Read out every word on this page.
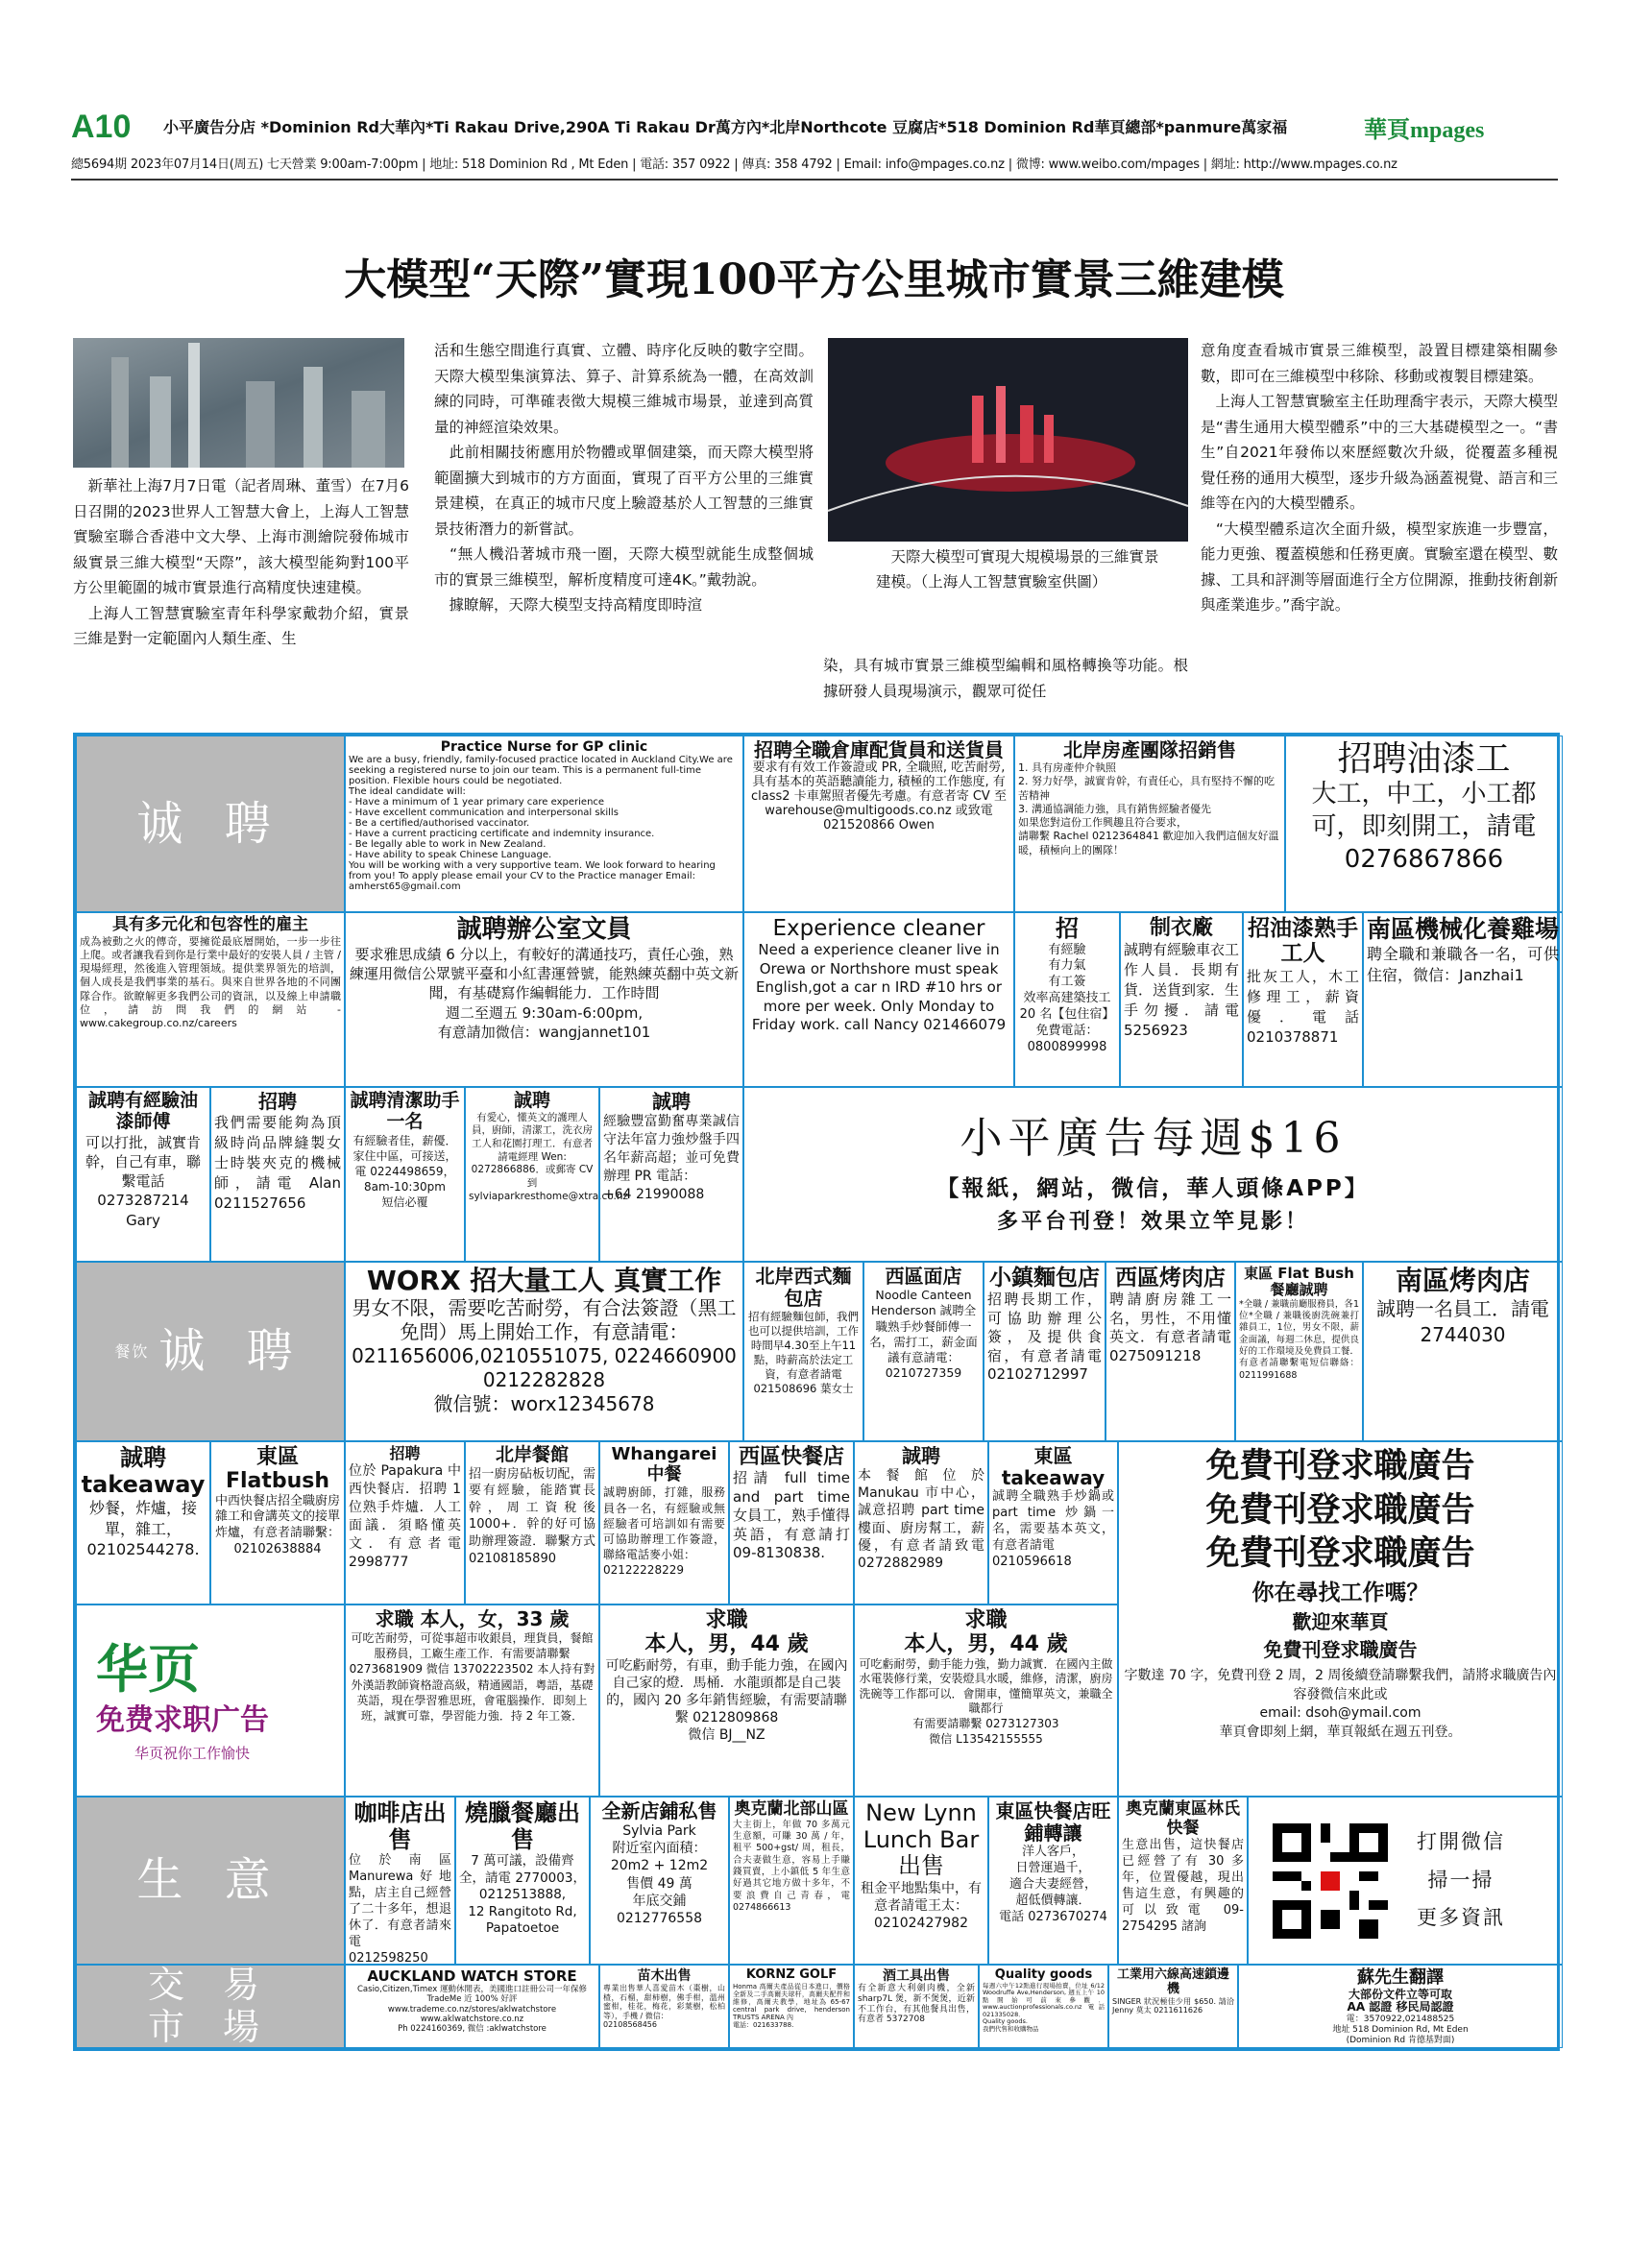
A10 小平廣告分店 *Dominion Rd大華內*Ti Rakau Drive,290A Ti Rakau Dr萬方內*北岸Northcote 豆腐店*518 Dominion Rd華頁總部*panmure萬家福	華頁mpages
總5694期 2023年07月14日(周五) 七天營業 9:00am-7:00pm | 地址: 518 Dominion Rd , Mt Eden | 電話: 357 0922 | 傳真: 358 4792 | Email: info@mpages.co.nz | 微博: www.weibo.com/mpages | 網址: http://www.mpages.co.nz
大模型“天際”實現100平方公里城市實景三維建模
　新華社上海7月7日電（記者周琳、董雪）在7月6日召開的2023世界人工智慧大會上，上海人工智慧實驗室聯合香港中文大學、上海市測繪院發佈城市級實景三維大模型“天際”，該大模型能夠對100平方公里範圍的城市實景進行高精度快速建模。
　上海人工智慧實驗室青年科學家戴勃介紹，實景三維是對一定範圍內人類生產、生
活和生態空間進行真實、立體、時序化反映的數字空間。天際大模型集演算法、算子、計算系統為一體，在高效訓練的同時，可準確表徵大規模三維城市場景，並達到高質量的神經渲染效果。
　此前相關技術應用於物體或單個建築，而天際大模型將範圍擴大到城市的方方面面，實現了百平方公里的三維實景建模，在真正的城市尺度上驗證基於人工智慧的三維實景技術潛力的新嘗試。
　“無人機沿著城市飛一圈，天際大模型就能生成整個城市的實景三維模型，解析度精度可達4K。”戴勃說。
　據瞭解，天際大模型支持高精度即時渲
　天際大模型可實現大規模場景的三維實景建模。（上海人工智慧實驗室供圖）
染，具有城市實景三維模型編輯和風格轉換等功能。根據研發人員現場演示，觀眾可從任
意角度查看城市實景三維模型，設置目標建築相關參數，即可在三維模型中移除、移動或複製目標建築。
　上海人工智慧實驗室主任助理喬宇表示，天際大模型是“書生通用大模型體系”中的三大基礎模型之一。“書生”自2021年發佈以來歷經數次升級，從覆蓋多種視覺任務的通用大模型，逐步升級為涵蓋視覺、語言和三維等在內的大模型體系。
　“大模型體系這次全面升級，模型家族進一步豐富，能力更強、覆蓋模態和任務更廣。實驗室還在模型、數據、工具和評測等層面進行全方位開源，推動技術創新與產業進步。”喬宇說。
诚 聘
Practice Nurse for GP clinic
We are a busy, friendly, family-focused practice located in Auckland City.We are seeking a registered nurse to join our team. This is a permanent full-time position. Flexible hours could be negotiated.
The ideal candidate will:
- Have a minimum of 1 year primary care experience
- Have excellent communication and interpersonal skills
- Be a certified/authorised vaccinator.
- Have a current practicing certificate and indemnity insurance.
- Be legally able to work in New Zealand.
- Have ability to speak Chinese Language.
You will be working with a very supportive team. We look forward to hearing from you! To apply please email your CV to the Practice manager Email: amherst65@gmail.com
招聘全職倉庫配貨員和送貨員
要求有有效工作簽證或 PR, 全職照, 吃苦耐勞, 具有基本的英語聽讀能力, 積極的工作態度, 有class2 卡車駕照者優先考慮。有意者寄 CV 至 warehouse@multigoods.co.nz 或致電 021520866 Owen
北岸房產團隊招銷售
1. 具有房產仲介執照
2. 努力好學，誠實肯幹，有責任心，具有堅持不懈的吃苦精神
3. 溝通協調能力強，具有銷售經驗者優先
如果您對這份工作興趣且符合要求，
請聯繫 Rachel 0212364841 歡迎加入我們這個友好溫暖，積極向上的團隊！
招聘油漆工
大工，中工，小工都可，即刻開工，請電 0276867866
具有多元化和包容性的雇主
成為被動之火的傳奇，要擁從最底層開始，一步一步往上爬。或者讓我看到你是行業中最好的安裝人員 / 主管 / 現場經理，然後進入管理領域。提供業界領先的培訓，個人成長是我們事業的基石。與來自世界各地的不同團隊合作。欲瞭解更多我們公司的資訊，以及線上申請職位，請訪問我們的網站 - www.cakegroup.co.nz/careers
誠聘辦公室文員
要求雅思成績 6 分以上，有較好的溝通技巧，責任心強，熟練運用微信公眾號平臺和小紅書運營號，能熟練英翻中英文新聞，有基礎寫作編輯能力．工作時間
週二至週五 9:30am-6:00pm,
有意請加微信：wangjannet101
Experience cleaner
Need a experience cleaner live in Orewa or Northshore must speak English,got a car n IRD #10 hrs or more per week. Only Monday to Friday work. call Nancy 021466079
招
有經驗
有力氣
有工簽
效率高建築技工 20 名【包住宿】免費電話：
0800899998
制衣廠
誠聘有經驗車衣工作人員．長期有貨．送貨到家．生手勿擾．請電 5256923
招油漆熟手工人
批灰工人，木工修理工，薪資優．電話 0210378871
南區機械化養雞場
聘全職和兼職各一名，可供住宿，微信：Janzhai1
誠聘有經驗油漆師傅
可以打批，誠實肯幹，自己有車，聯繫電話
0273287214
Gary
招聘
我們需要能夠為頂級時尚品牌縫製女士時裝夾克的機械師，請電 Alan 0211527656
誠聘清潔助手一名
有經驗者佳，薪優．家住中區，可接送，電 0224498659，8am-10:30pm
短信必覆
誠聘
有愛心，懂英文的護理人員，廚師，清潔工，洗衣房工人和花園打理工．有意者請電經理 Wen: 0272866886．或郵寄 CV 到
sylviaparkresthome@xtra.co.nz
誠聘
經驗豐富勤奮專業誠信守法年富力強炒盤手四名年薪高超；並可免費辦理 PR 電話：
+64 21990088
小平廣告每週$16
【報紙，網站，微信，華人頭條APP】
多平台刊登！效果立竿見影！
餐饮 诚 聘
WORX 招大量工人 真實工作
男女不限，需要吃苦耐勞，有合法簽證（黑工免問）馬上開始工作，有意請電：0211656006,0210551075, 0224660900
0212282828
微信號：worx12345678
北岸西式麵包店
招有經驗麵包師，我們也可以提供培訓，工作時間早4.30至上午11點，時薪高於法定工資，有意者請電
021508696 葉女士
西區面店
Noodle Canteen Henderson 誠聘全職熟手炒餐師傅一名，需打工，薪金面議有意請電：
0210727359
小鎮麵包店
招聘長期工作，可協助辦理公簽，及提供食宿，有意者請電 02102712997
西區烤肉店
聘請廚房雜工一名，男性，不用懂英文．有意者請電 0275091218
東區 Flat Bush 餐廳誠聘
*全職 / 兼職前廳服務員，各1位*全職 / 兼職後廚洗碗兼打雜員工，1位，男女不限，薪金面議，每週二休息，提供良好的工作環境及免費員工餐．有意者請聯繫電短信聯絡：0211991688
南區烤肉店
誠聘一名員工．請電
2744030
誠聘takeaway
炒餐，炸爐，接單，雜工，
02102544278.
東區Flatbush
中西快餐店招全職廚房雜工和會講英文的接單炸爐，有意者請聯繫：
02102638884
招聘
位於 Papakura 中西快餐店．招聘 1 位熟手炸爐．人工面議．須略懂英文．有意者電 2998777
北岸餐館
招一廚房砧板切配，需要有經驗，能踏實長幹，周工資稅後 1000+．幹的好可協助辦理簽證．聯繫方式 02108185890
Whangarei中餐
誠聘廚師，打雜，服務員各一名，有經驗或無經驗者可培訓如有需要可協助辦理工作簽證，聯絡電話麥小姐：
02122228229
西區快餐店
招請 full time and part time 女員工，熟手懂得英語，有意請打 09-8130838.
誠聘
本餐館位於 Manukau 市中心，誠意招聘 part time 樓面、廚房幫工，薪優，有意者請致電 0272882989
東區takeaway
誠聘全職熟手炒鍋或 part time 炒鍋一名，需要基本英文，有意者請電
0210596618
免費刊登求職廣告
免費刊登求職廣告
免費刊登求職廣告
你在尋找工作嗎？
歡迎來華頁
免費刊登求職廣告
字數達 70 字，免費刊登 2 周，2 周後續登請聯繫我們，請將求職廣告內容發微信來此或
email: dsoh@ymail.com
華頁會即刻上網，華頁報紙在週五刊登。
华页
免费求职广告
华页祝你工作愉快
求職 本人，女，33 歲
可吃苦耐勞，可從事超市收銀員，理貨員，餐館服務員，工廠生產工作．有需要請聯繫 0273681909 微信 13702223502 本人持有對外漢語教師資格證高級，精通國語，粵語，基礎英語，現在學習雅思班，會電腦操作．即刻上班，誠實可靠，學習能力強．持 2 年工簽．
求職
本人，男，44 歲
可吃虧耐勞，有車，動手能力強，在國內自己家的燈．馬桶．水龍頭都是自己裝的，國內 20 多年銷售經驗，有需要請聯繫 0212809868
微信 BJ__NZ
求職
本人，男，44 歲
可吃虧耐勞，動手能力強，勤力誠實．在國內主做水電裝修行業，安裝燈具水暖，維修，清潔，廚房洗碗等工作都可以．會開車，懂簡單英文，兼職全職都行
有需要請聯繫 0273127303
微信 L13542155555
生 意
咖啡店出售
位於南區Manurewa好地點，店主自己經營了二十多年，想退休了．有意者請來電
0212598250
燒臘餐廳出售
7 萬可議，設備齊全，請電 2770003，0212513888,
12 Rangitoto Rd,
Papatoetoe
全新店鋪私售
Sylvia Park
附近室內面積：
20m2 + 12m2
售價 49 萬
年底交鋪
0212776558
奧克蘭北部山區
大主街上，年做 70 多萬元生意額，可賺 30 萬 / 年，租平 500+gst/ 周，租長，合夫妻做生意，容易上手賺錢買賣，上小鎮低 5 年生意好過其它地方做十多年，不要浪費自己青春，電 0274866613
New Lynn Lunch Bar 出售
租金平地點集中，有意者請電王太：
02102427982
東區快餐店旺鋪轉讓
洋人客戶，
日營運過千，
適合夫妻經營，
超低價轉讓．
電話 0273670274
奧克蘭東區林氏快餐
生意出售，這快餐店已經營了有 30 多年，位置優越，現出售這生意，有興趣的可以致電 09-2754295 諸詢
打開微信
掃一掃
更多資訊
交 易
市 場
AUCKLAND WATCH STORE
Casio,Citizen,Timex 運動休閒表，美國進口註冊公司一年保修
TradeMe 近 100% 好評
www.trademe.co.nz/stores/aklwatchstore
www.aklwatchstore.co.nz
Ph 0224160369, 微信 :aklwatchstore
苗木出售
專業出售華人喜愛苗木（棗樹，山楂，石榴，甜柿樹，佛手柑，溫州蜜柑，桂花，梅花，彩葉樹，松柏等），手機 / 微信：
02108568456
KORNZ GOLF
Honma 高爾夫產品從日本進口，價格全新及二手高爾夫球杆，高爾夫配件和維修，高爾夫教學，地址為 65-67 central park drive, henderson TRUSTS ARENA 內
電話：021633788.
酒工具出售
有全新意大利劍肉機，全新 sharp7L 煲，新不煲煲，近新不工作台，有其他餐具出售，有意者 5372708
Quality goods
每週六中午12點進行現場拍賣，位址 6/12 Woodruffe Ave,Henderson, 週五上午 10 點開始可前來參觀．www.auctionprofessionals.co.nz 電話 021335028．
Quality goods.
我們代售和收購物品
工業用六線高速鎖邊機
SINGER 狀況極佳少用 $650. 請洽 Jenny 莫太 0211611626
蘇先生翻譯
大部份文件立等可取
AA 認證 移民局認證
電：3570922,021488525
地址 518 Dominion Rd, Mt Eden
(Dominion Rd 肯德基對面)
